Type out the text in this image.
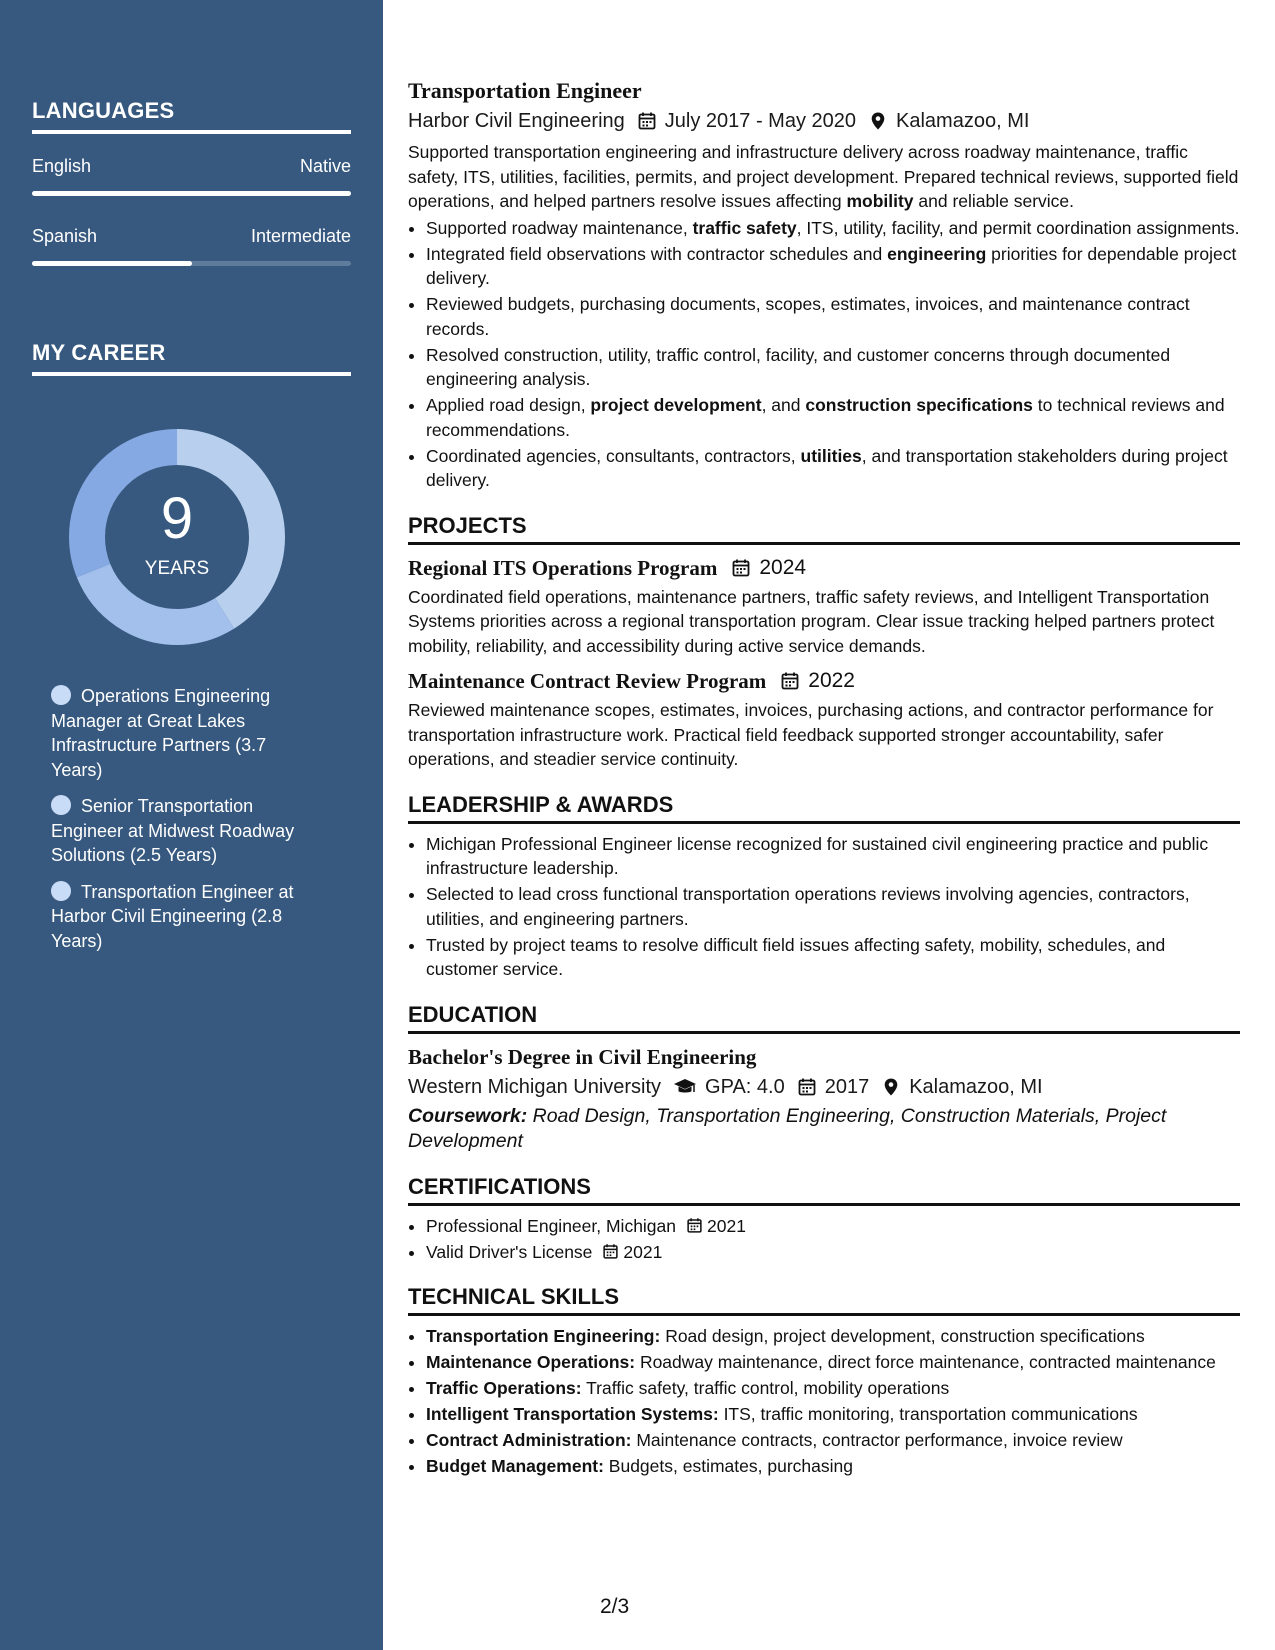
LANGUAGES
English	Native
Spanish	Intermediate
MY CAREER
9
YEARS
Operations Engineering Manager at Great Lakes Infrastructure Partners (3.7 Years)
Senior Transportation Engineer at Midwest Roadway Solutions (2.5 Years)
Transportation Engineer at Harbor Civil Engineering (2.8 Years)
Transportation Engineer
Harbor Civil Engineering July 2017 - May 2020 Kalamazoo, MI

Supported transportation engineering and infrastructure delivery across roadway maintenance, traffic safety, ITS, utilities, facilities, permits, and project development. Prepared technical reviews, supported field operations, and helped partners resolve issues affecting mobility and reliable service.

• Supported roadway maintenance, traffic safety, ITS, utility, facility, and permit coordination assignments.
• Integrated field observations with contractor schedules and engineering priorities for dependable project delivery.
• Reviewed budgets, purchasing documents, scopes, estimates, invoices, and maintenance contract records.
• Resolved construction, utility, traffic control, facility, and customer concerns through documented engineering analysis.
• Applied road design, project development, and construction specifications to technical reviews and recommendations.
• Coordinated agencies, consultants, contractors, utilities, and transportation stakeholders during project delivery.
PROJECTS
Regional ITS Operations Program 2024

Coordinated field operations, maintenance partners, traffic safety reviews, and Intelligent Transportation Systems priorities across a regional transportation program. Clear issue tracking helped partners protect mobility, reliability, and accessibility during active service demands.

Maintenance Contract Review Program 2022

Reviewed maintenance scopes, estimates, invoices, purchasing actions, and contractor performance for transportation infrastructure work. Practical field feedback supported stronger accountability, safer operations, and steadier service continuity.

LEADERSHIP & AWARDS
• Michigan Professional Engineer license recognized for sustained civil engineering practice and public infrastructure leadership.
• Selected to lead cross functional transportation operations reviews involving agencies, contractors, utilities, and engineering partners.
• Trusted by project teams to resolve difficult field issues affecting safety, mobility, schedules, and customer service.
EDUCATION
Bachelor's Degree in Civil Engineering
Western Michigan University GPA: 4.0 2017 Kalamazoo, MI

Coursework: Road Design, Transportation Engineering, Construction Materials, Project Development

CERTIFICATIONS
• Professional Engineer, Michigan 2021
• Valid Driver's License 2021
TECHNICAL SKILLS
• Transportation Engineering: Road design, project development, construction specifications
• Maintenance Operations: Roadway maintenance, direct force maintenance, contracted maintenance
• Traffic Operations: Traffic safety, traffic control, mobility operations
• Intelligent Transportation Systems: ITS, traffic monitoring, transportation communications
• Contract Administration: Maintenance contracts, contractor performance, invoice review
• Budget Management: Budgets, estimates, purchasing
2/3
